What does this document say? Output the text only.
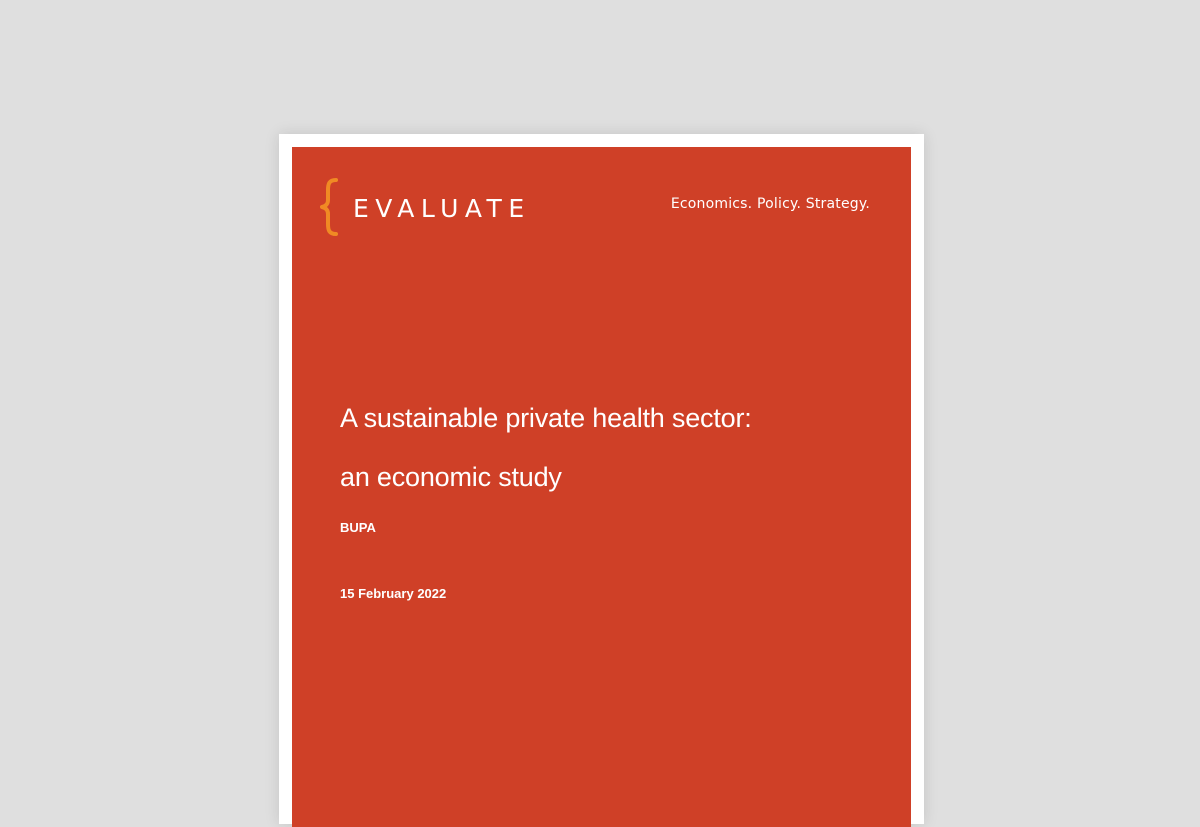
EVALUATE	Economics. Policy. Strategy.
A sustainable private health sector:
an economic study
BUPA
15 February 2022
